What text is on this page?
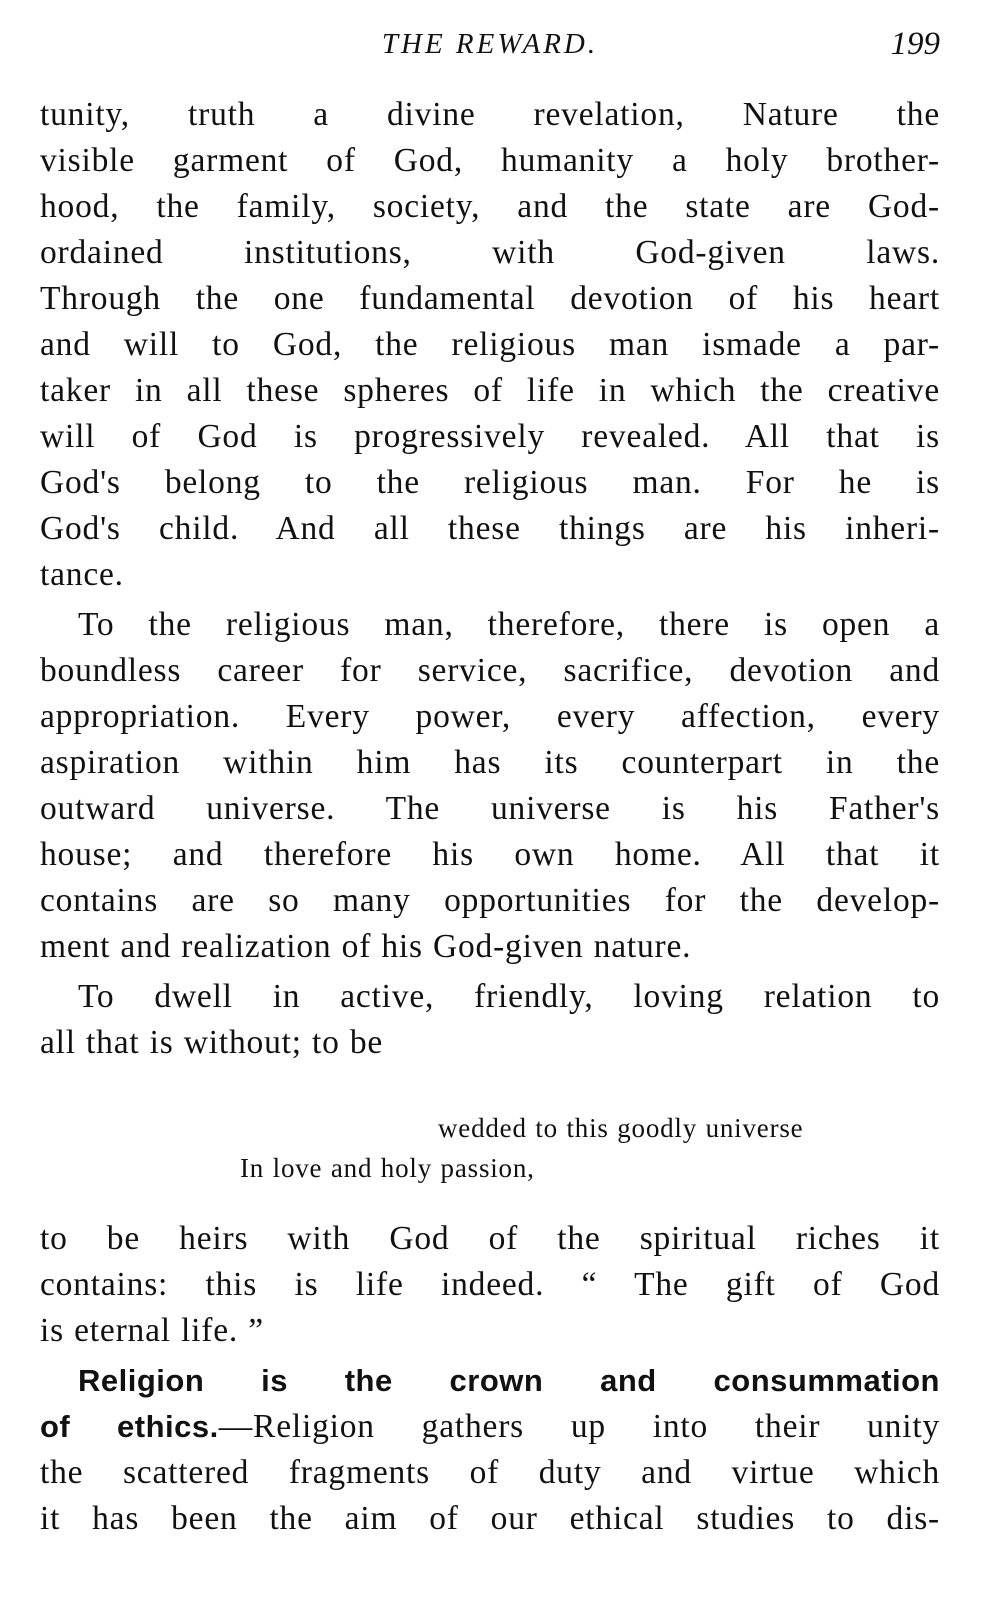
THE REWARD.	199
tunity, truth a divine revelation, Nature the
visible garment of God, humanity a holy brother-
hood, the family, society, and the state are God-
ordained institutions, with God-given laws.
Through the one fundamental devotion of his heart
and will to God, the religious man ismade a par-
taker in all these spheres of life in which the creative
will of God is progressively revealed. All that is
God's belong to the religious man. For he is
God's child. And all these things are his inheri-
tance.
To the religious man, therefore, there is open a
boundless career for service, sacrifice, devotion and
appropriation. Every power, every affection, every
aspiration within him has its counterpart in the
outward universe. The universe is his Father's
house; and therefore his own home. All that it
contains are so many opportunities for the develop-
ment and realization of his God-given nature.
To dwell in active, friendly, loving relation to
all that is without; to be
wedded to this goodly universe
In love and holy passion,
to be heirs with God of the spiritual riches it
contains: this is life indeed. “ The gift of God
is eternal life. ”
Religion is the crown and consummation
of ethics.—Religion gathers up into their unity
the scattered fragments of duty and virtue which
it has been the aim of our ethical studies to dis-
